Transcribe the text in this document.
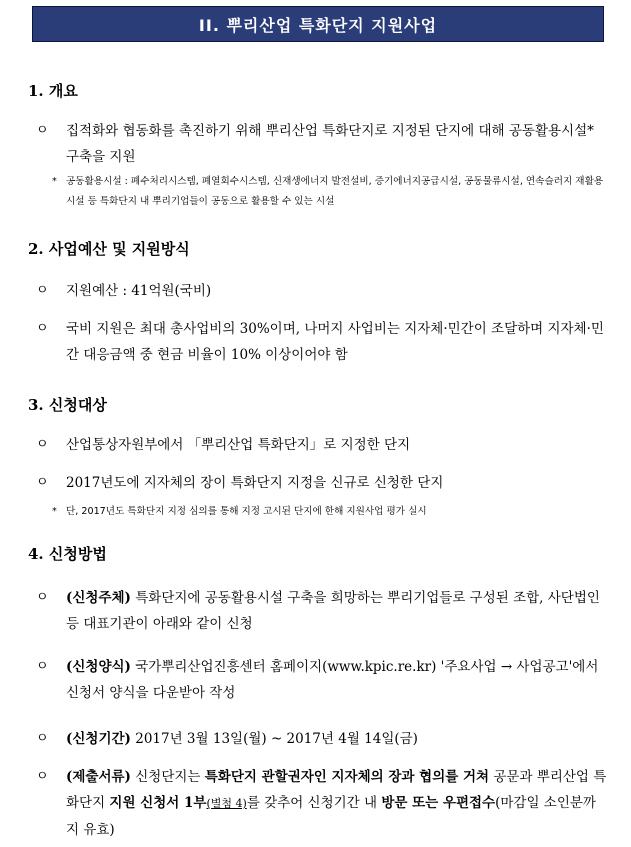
II. 뿌리산업 특화단지 지원사업
1. 개요
ㅇ	집적화와 협동화를 촉진하기 위해 뿌리산업 특화단지로 지정된 단지에 대해 공동활용시설* 구축을 지원
* 공동활용시설 : 폐수처리시스템, 폐열회수시스템, 신재생에너지 발전설비, 증기에너지공급시설, 공동물류시설, 연속슬러지 재활용시설 등 특화단지 내 뿌리기업들이 공동으로 활용할 수 있는 시설
2. 사업예산 및 지원방식
ㅇ	지원예산 : 41억원(국비)
ㅇ	국비 지원은 최대 총사업비의 30%이며, 나머지 사업비는 지자체·민간이 조달하며 지자체·민간 대응금액 중 현금 비율이 10% 이상이어야 함
3. 신청대상
ㅇ	산업통상자원부에서 「뿌리산업 특화단지」로 지정한 단지
ㅇ	2017년도에 지자체의 장이 특화단지 지정을 신규로 신청한 단지
* 단, 2017년도 특화단지 지정 심의를 통해 지정 고시된 단지에 한해 지원사업 평가 실시
4. 신청방법
ㅇ	(신청주체) 특화단지에 공동활용시설 구축을 희망하는 뿌리기업들로 구성된 조합, 사단법인 등 대표기관이 아래와 같이 신청
ㅇ	(신청양식) 국가뿌리산업진흥센터 홈페이지(www.kpic.re.kr) '주요사업 → 사업공고'에서 신청서 양식을 다운받아 작성
ㅇ	(신청기간) 2017년 3월 13일(월) ~ 2017년 4월 14일(금)
ㅇ	(제출서류) 신청단지는 특화단지 관할권자인 지자체의 장과 협의를 거쳐 공문과 뿌리산업 특화단지 지원 신청서 1부(별첨 4)를 갖추어 신청기간 내 방문 또는 우편접수(마감일 소인분까지 유효)
